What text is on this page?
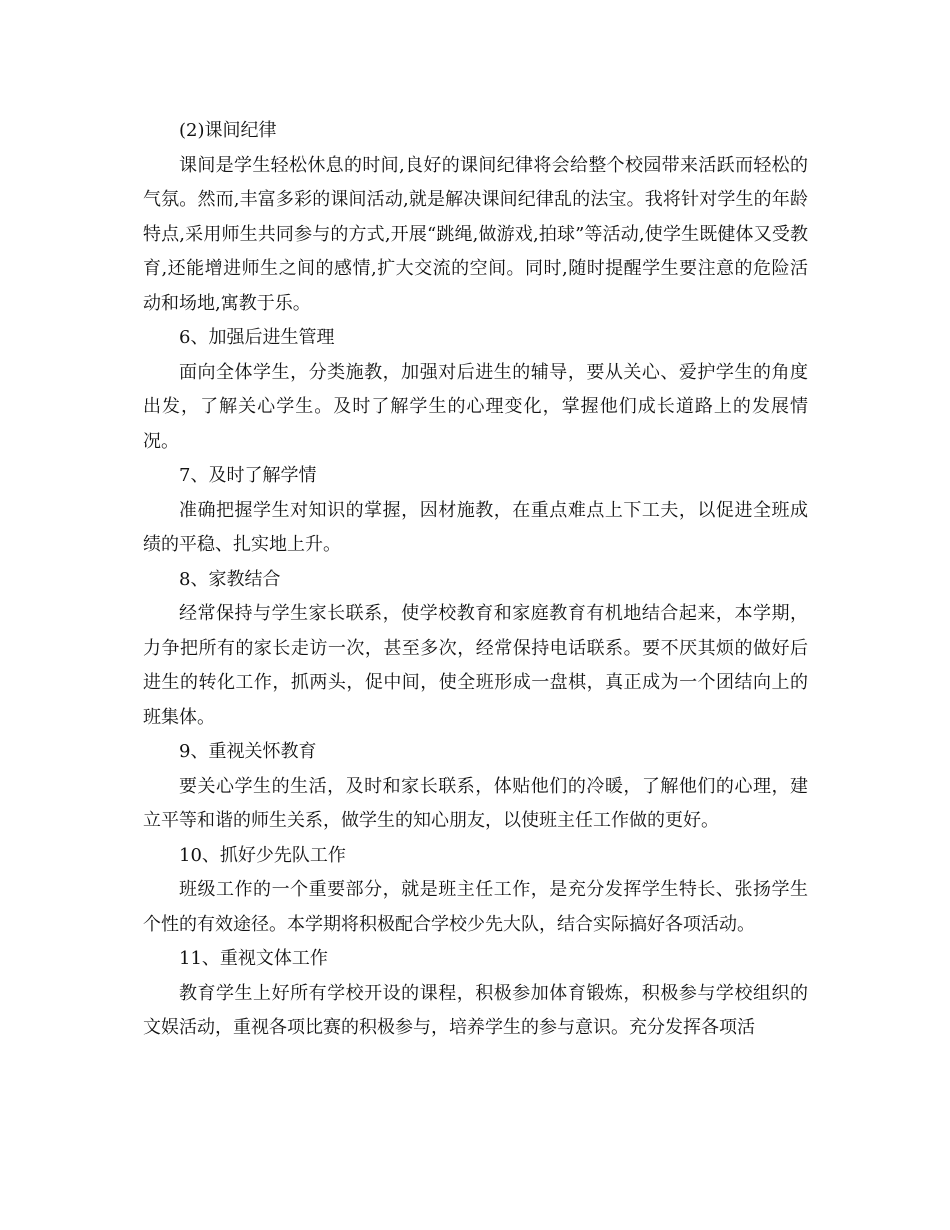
(2)课间纪律

课间是学生轻松休息的时间,良好的课间纪律将会给整个校园带来活跃而轻松的气氛。然而,丰富多彩的课间活动,就是解决课间纪律乱的法宝。我将针对学生的年龄特点,采用师生共同参与的方式,开展“跳绳,做游戏,拍球”等活动,使学生既健体又受教育,还能增进师生之间的感情,扩大交流的空间。同时,随时提醒学生要注意的危险活动和场地,寓教于乐。

6、加强后进生管理

面向全体学生，分类施教，加强对后进生的辅导，要从关心、爱护学生的角度出发，了解关心学生。及时了解学生的心理变化，掌握他们成长道路上的发展情况。

7、及时了解学情

准确把握学生对知识的掌握，因材施教，在重点难点上下工夫，以促进全班成绩的平稳、扎实地上升。

8、家教结合

经常保持与学生家长联系，使学校教育和家庭教育有机地结合起来，本学期，力争把所有的家长走访一次，甚至多次，经常保持电话联系。要不厌其烦的做好后进生的转化工作，抓两头，促中间，使全班形成一盘棋，真正成为一个团结向上的班集体。

9、重视关怀教育

要关心学生的生活，及时和家长联系，体贴他们的冷暖，了解他们的心理，建立平等和谐的师生关系，做学生的知心朋友，以使班主任工作做的更好。

10、抓好少先队工作

班级工作的一个重要部分，就是班主任工作，是充分发挥学生特长、张扬学生个性的有效途径。本学期将积极配合学校少先大队，结合实际搞好各项活动。

11、重视文体工作

教育学生上好所有学校开设的课程，积极参加体育锻炼，积极参与学校组织的文娱活动，重视各项比赛的积极参与，培养学生的参与意识。充分发挥各项活
